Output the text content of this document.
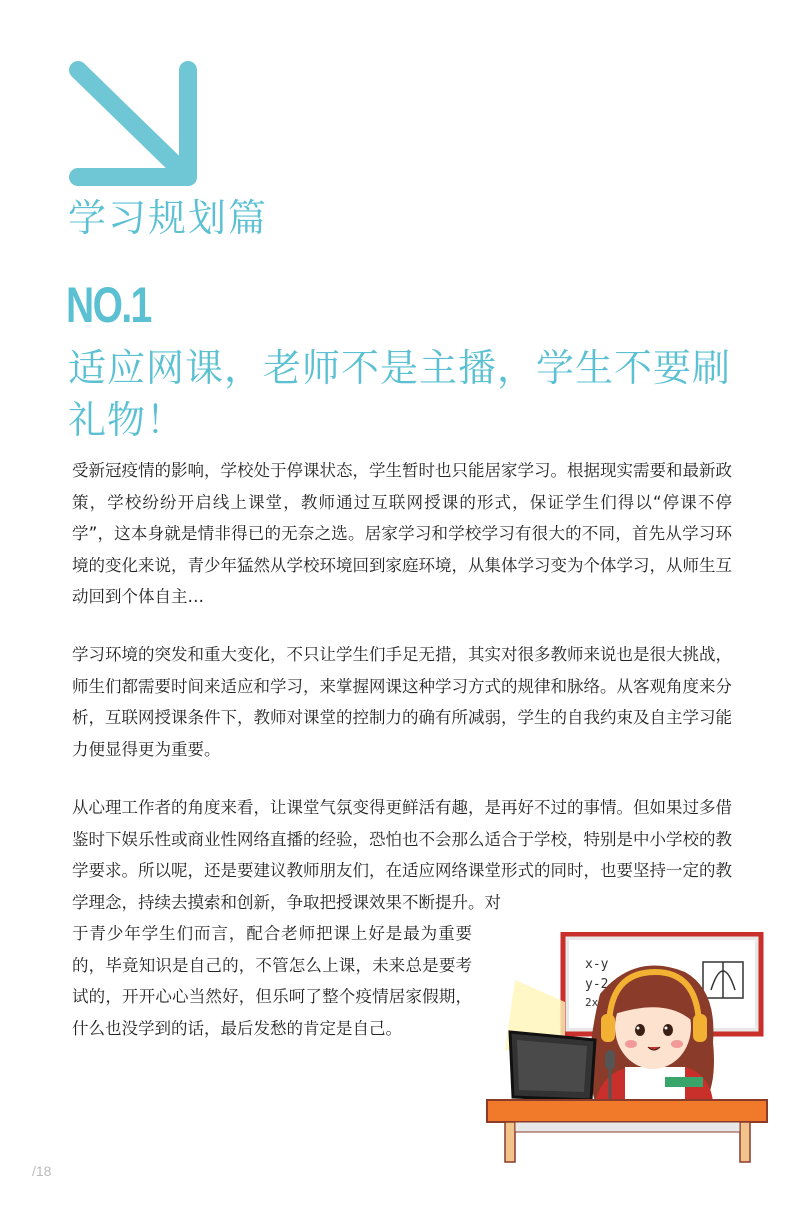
学习规划篇
NO.1
适应网课，老师不是主播，学生不要刷礼物！

受新冠疫情的影响，学校处于停课状态，学生暂时也只能居家学习。根据现实需要和最新政策，学校纷纷开启线上课堂，教师通过互联网授课的形式，保证学生们得以“停课不停学”，这本身就是情非得已的无奈之选。居家学习和学校学习有很大的不同，首先从学习环境的变化来说，青少年猛然从学校环境回到家庭环境，从集体学习变为个体学习，从师生互动回到个体自主…

学习环境的突发和重大变化，不只让学生们手足无措，其实对很多教师来说也是很大挑战，师生们都需要时间来适应和学习，来掌握网课这种学习方式的规律和脉络。从客观角度来分析，互联网授课条件下，教师对课堂的控制力的确有所减弱，学生的自我约束及自主学习能力便显得更为重要。

从心理工作者的角度来看，让课堂气氛变得更鲜活有趣，是再好不过的事情。但如果过多借鉴时下娱乐性或商业性网络直播的经验，恐怕也不会那么适合于学校，特别是中小学校的教学要求。所以呢，还是要建议教师朋友们，在适应网络课堂形式的同时，也要坚持一定的教学理念，持续去摸索和创新，争取把授课效果不断提升。对

于青少年学生们而言，配合老师把课上好是最为重要的，毕竟知识是自己的，不管怎么上课，未来总是要考试的，开开心心当然好，但乐呵了整个疫情居家假期，什么也没学到的话，最后发愁的肯定是自己。

x-y
y-2
2x
/18
